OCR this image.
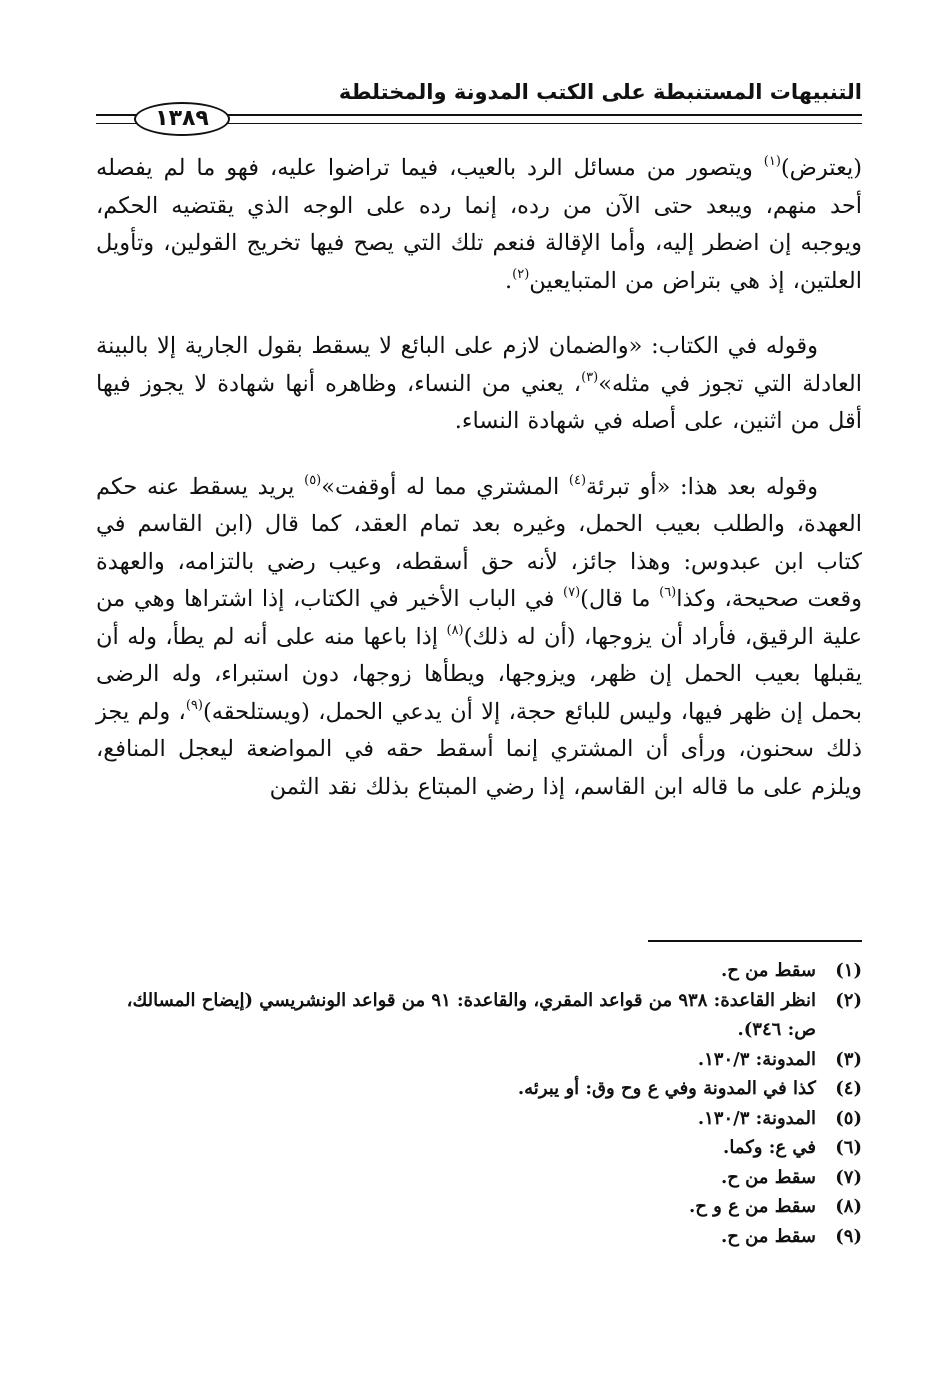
التنبيهات المستنبطة على الكتب المدونة والمختلطة
١٣٨٩

(يعترض)$^{(١)}$ ويتصور من مسائل الرد بالعيب، فيما تراضوا عليه، فهو ما لم يفصله أحد منهم، ويبعد حتى الآن من رده، إنما رده على الوجه الذي يقتضيه الحكم، ويوجبه إن اضطر إليه، وأما الإقالة فنعم تلك التي يصح فيها تخريج القولين، وتأويل العلتين، إذ هي بتراض من المتبايعين$^{(٢)}$.

وقوله في الكتاب: «والضمان لازم على البائع لا يسقط بقول الجارية إلا بالبينة العادلة التي تجوز في مثله»$^{(٣)}$، يعني من النساء، وظاهره أنها شهادة لا يجوز فيها أقل من اثنين، على أصله في شهادة النساء.

وقوله بعد هذا: «أو تبرئة$^{(٤)}$ المشتري مما له أوقفت»$^{(٥)}$ يريد يسقط عنه حكم العهدة، والطلب بعيب الحمل، وغيره بعد تمام العقد، كما قال (ابن القاسم في كتاب ابن عبدوس: وهذا جائز، لأنه حق أسقطه، وعيب رضي بالتزامه، والعهدة وقعت صحيحة، وكذا$^{(٦)}$ ما قال)$^{(٧)}$ في الباب الأخير في الكتاب، إذا اشتراها وهي من علية الرقيق، فأراد أن يزوجها، (أن له ذلك)$^{(٨)}$ إذا باعها منه على أنه لم يطأ، وله أن يقبلها بعيب الحمل إن ظهر، ويزوجها، ويطأها زوجها، دون استبراء، وله الرضى بحمل إن ظهر فيها، وليس للبائع حجة، إلا أن يدعي الحمل، (ويستلحقه)$^{(٩)}$، ولم يجز ذلك سحنون، ورأى أن المشتري إنما أسقط حقه في المواضعة ليعجل المنافع، ويلزم على ما قاله ابن القاسم، إذا رضي المبتاع بذلك نقد الثمن

(١)
سقط من ح.
(٢)
انظر القاعدة: ٩٣٨ من قواعد المقري، والقاعدة: ٩١ من قواعد الونشريسي (إيضاح المسالك، ص: ٣٤٦).
(٣)
المدونة: ١٣٠/٣.
(٤)
كذا في المدونة وفي ع وح وق: أو يبرئه.
(٥)
المدونة: ١٣٠/٣.
(٦)
في ع: وكما.
(٧)
سقط من ح.
(٨)
سقط من ع و ح.
(٩)
سقط من ح.
